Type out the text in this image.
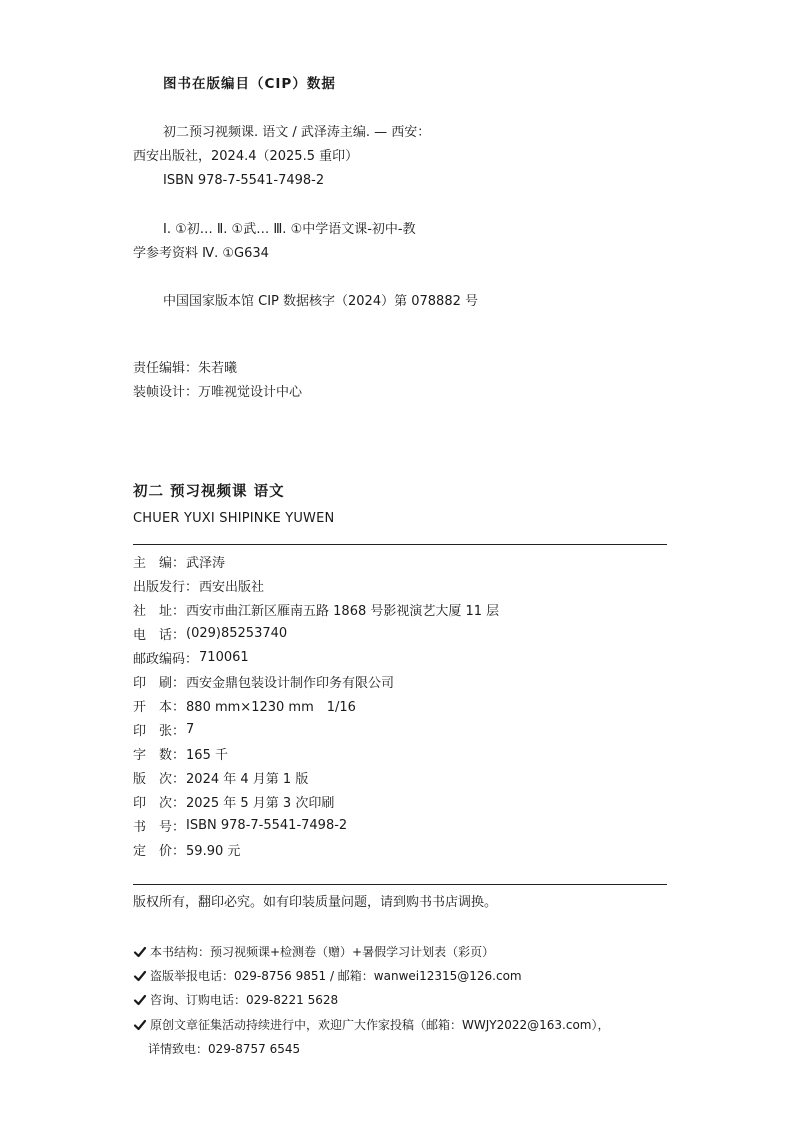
图书在版编目（CIP）数据
初二预习视频课. 语文 / 武泽涛主编. — 西安：
西安出版社，2024.4（2025.5 重印）
ISBN 978-7-5541-7498-2
Ⅰ. ①初… Ⅱ. ①武… Ⅲ. ①中学语文课-初中-教
学参考资料 Ⅳ. ①G634
中国国家版本馆 CIP 数据核字（2024）第 078882 号
责任编辑：朱若曦
装帧设计：万唯视觉设计中心
初二 预习视频课 语文
CHUER YUXI SHIPINKE YUWEN
主　编 ： 武泽涛
出版发行 ： 西安出版社
社　址 ： 西安市曲江新区雁南五路 1868 号影视演艺大厦 11 层
电　话 ： (029)85253740
邮政编码 ： 710061
印　刷 ： 西安金鼎包装设计制作印务有限公司
开　本 ： 880 mm×1230 mm　1/16
印　张 ： 7
字　数 ： 165 千
版　次 ： 2024 年 4 月第 1 版
印　次 ： 2025 年 5 月第 3 次印刷
书　号 ： ISBN 978-7-5541-7498-2
定　价 ： 59.90 元
版权所有，翻印必究。如有印装质量问题，请到购书书店调换。
本书结构：预习视频课+检测卷（赠）+暑假学习计划表（彩页）
盗版举报电话：029-8756 9851 / 邮箱：wanwei12315@126.com
咨询、订购电话：029-8221 5628
原创文章征集活动持续进行中，欢迎广大作家投稿（邮箱：WWJY2022@163.com），
详情致电：029-8757 6545
